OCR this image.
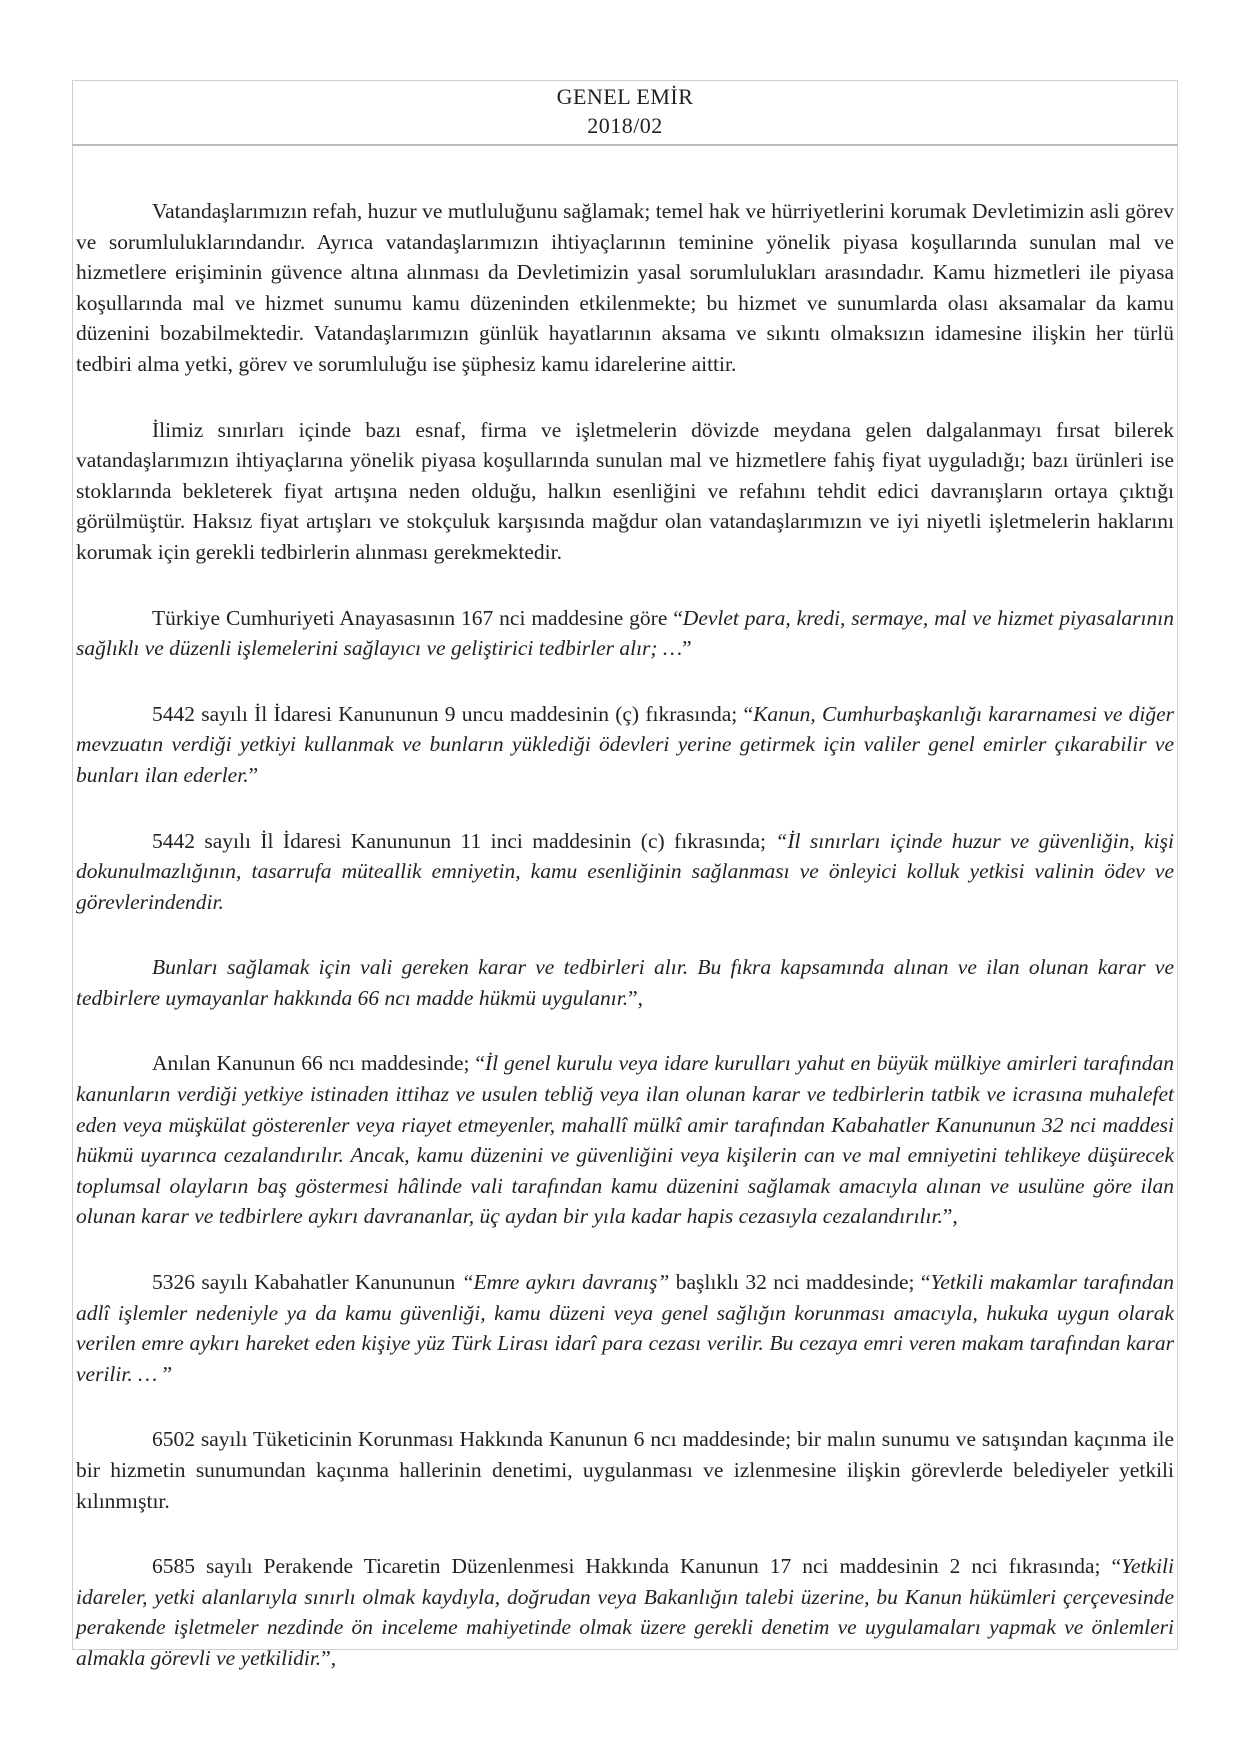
GENEL EMİR
2018/02

Vatandaşlarımızın refah, huzur ve mutluluğunu sağlamak; temel hak ve hürriyetlerini korumak Devletimizin asli görev ve sorumluluklarındandır. Ayrıca vatandaşlarımızın ihtiyaçlarının teminine yönelik piyasa koşullarında sunulan mal ve hizmetlere erişiminin güvence altına alınması da Devletimizin yasal sorumlulukları arasındadır. Kamu hizmetleri ile piyasa koşullarında mal ve hizmet sunumu kamu düzeninden etkilenmekte; bu hizmet ve sunumlarda olası aksamalar da kamu düzenini bozabilmektedir. Vatandaşlarımızın günlük hayatlarının aksama ve sıkıntı olmaksızın idamesine ilişkin her türlü tedbiri alma yetki, görev ve sorumluluğu ise şüphesiz kamu idarelerine aittir.

İlimiz sınırları içinde bazı esnaf, firma ve işletmelerin dövizde meydana gelen dalgalanmayı fırsat bilerek vatandaşlarımızın ihtiyaçlarına yönelik piyasa koşullarında sunulan mal ve hizmetlere fahiş fiyat uyguladığı; bazı ürünleri ise stoklarında bekleterek fiyat artışına neden olduğu, halkın esenliğini ve refahını tehdit edici davranışların ortaya çıktığı görülmüştür. Haksız fiyat artışları ve stokçuluk karşısında mağdur olan vatandaşlarımızın ve iyi niyetli işletmelerin haklarını korumak için gerekli tedbirlerin alınması gerekmektedir.

Türkiye Cumhuriyeti Anayasasının 167 nci maddesine göre “Devlet para, kredi, sermaye, mal ve hizmet piyasalarının sağlıklı ve düzenli işlemelerini sağlayıcı ve geliştirici tedbirler alır; …”

5442 sayılı İl İdaresi Kanununun 9 uncu maddesinin (ç) fıkrasında; “Kanun, Cumhurbaşkanlığı kararnamesi ve diğer mevzuatın verdiği yetkiyi kullanmak ve bunların yüklediği ödevleri yerine getirmek için valiler genel emirler çıkarabilir ve bunları ilan ederler.”

5442 sayılı İl İdaresi Kanununun 11 inci maddesinin (c) fıkrasında; “İl sınırları içinde huzur ve güvenliğin, kişi dokunulmazlığının, tasarrufa müteallik emniyetin, kamu esenliğinin sağlanması ve önleyici kolluk yetkisi valinin ödev ve görevlerindendir.

Bunları sağlamak için vali gereken karar ve tedbirleri alır. Bu fıkra kapsamında alınan ve ilan olunan karar ve tedbirlere uymayanlar hakkında 66 ncı madde hükmü uygulanır.”,

Anılan Kanunun 66 ncı maddesinde; “İl genel kurulu veya idare kurulları yahut en büyük mülkiye amirleri tarafından kanunların verdiği yetkiye istinaden ittihaz ve usulen tebliğ veya ilan olunan karar ve tedbirlerin tatbik ve icrasına muhalefet eden veya müşkülat gösterenler veya riayet etmeyenler, mahallî mülkî amir tarafından Kabahatler Kanununun 32 nci maddesi hükmü uyarınca cezalandırılır. Ancak, kamu düzenini ve güvenliğini veya kişilerin can ve mal emniyetini tehlikeye düşürecek toplumsal olayların baş göstermesi hâlinde vali tarafından kamu düzenini sağlamak amacıyla alınan ve usulüne göre ilan olunan karar ve tedbirlere aykırı davrananlar, üç aydan bir yıla kadar hapis cezasıyla cezalandırılır.”,

5326 sayılı Kabahatler Kanununun “Emre aykırı davranış” başlıklı 32 nci maddesinde; “Yetkili makamlar tarafından adlî işlemler nedeniyle ya da kamu güvenliği, kamu düzeni veya genel sağlığın korunması amacıyla, hukuka uygun olarak verilen emre aykırı hareket eden kişiye yüz Türk Lirası idarî para cezası verilir. Bu cezaya emri veren makam tarafından karar verilir. … ”

6502 sayılı Tüketicinin Korunması Hakkında Kanunun 6 ncı maddesinde; bir malın sunumu ve satışından kaçınma ile bir hizmetin sunumundan kaçınma hallerinin denetimi, uygulanması ve izlenmesine ilişkin görevlerde belediyeler yetkili kılınmıştır.

6585 sayılı Perakende Ticaretin Düzenlenmesi Hakkında Kanunun 17 nci maddesinin 2 nci fıkrasında; “Yetkili idareler, yetki alanlarıyla sınırlı olmak kaydıyla, doğrudan veya Bakanlığın talebi üzerine, bu Kanun hükümleri çerçevesinde perakende işletmeler nezdinde ön inceleme mahiyetinde olmak üzere gerekli denetim ve uygulamaları yapmak ve önlemleri almakla görevli ve yetkilidir.”,
